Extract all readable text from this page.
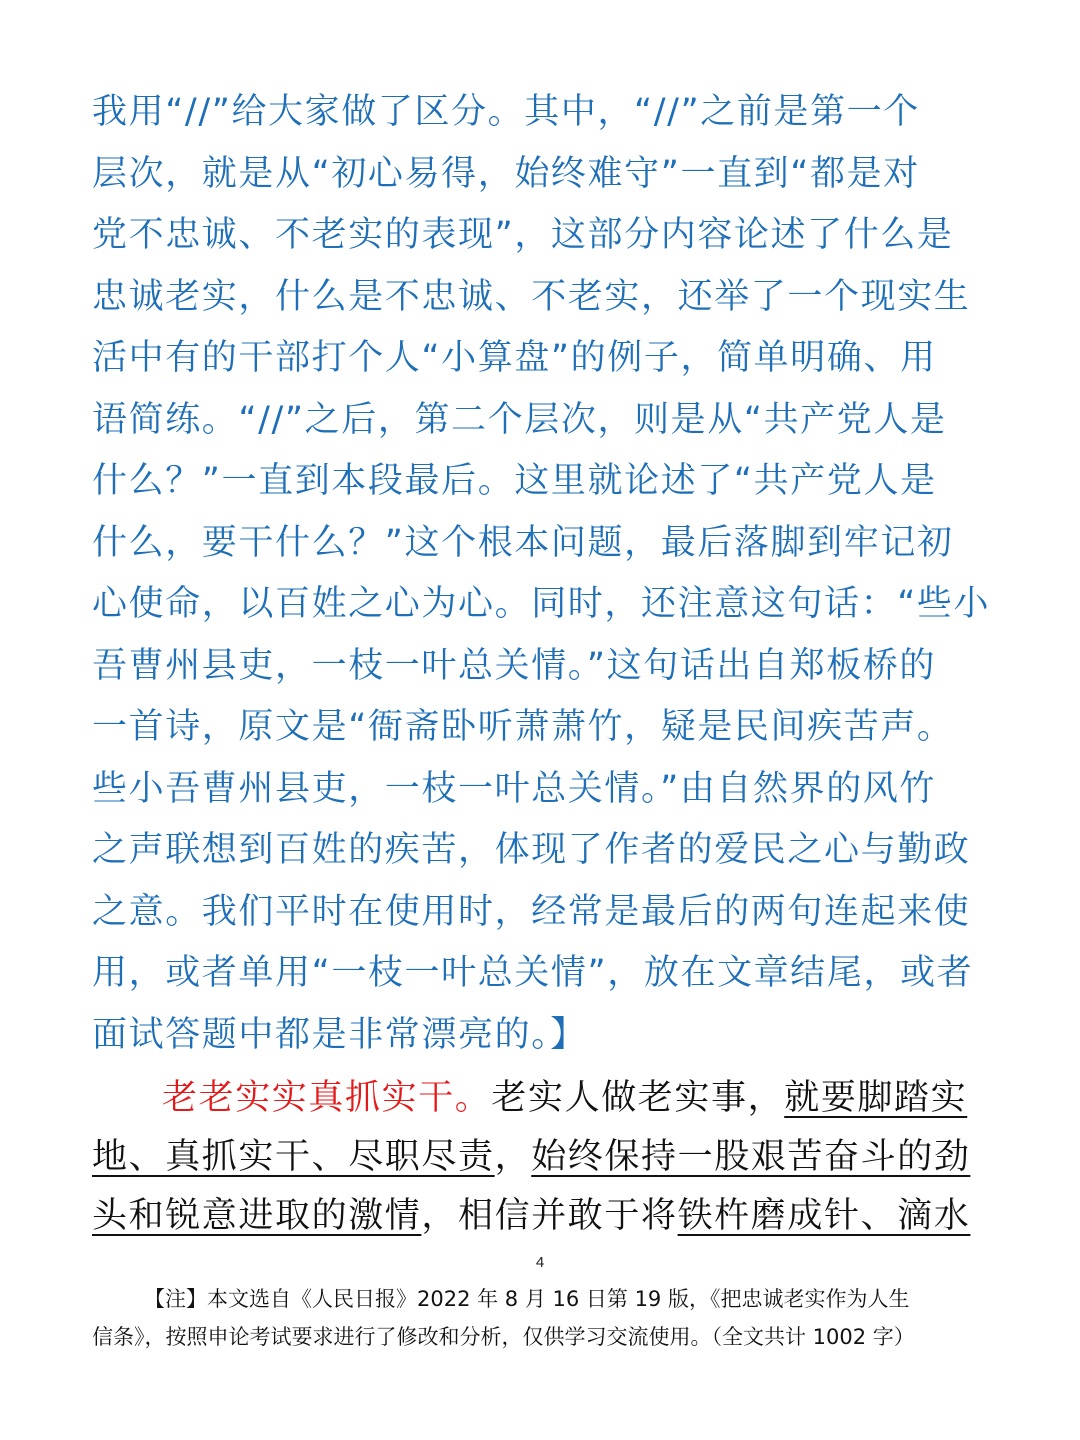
我用“//”给大家做了区分。其中，“//”之前是第一个
层次，就是从“初心易得，始终难守”一直到“都是对
党不忠诚、不老实的表现”，这部分内容论述了什么是
忠诚老实，什么是不忠诚、不老实，还举了一个现实生
活中有的干部打个人“小算盘”的例子，简单明确、用
语简练。“//”之后，第二个层次，则是从“共产党人是
什么？”一直到本段最后。这里就论述了“共产党人是
什么，要干什么？”这个根本问题，最后落脚到牢记初
心使命，以百姓之心为心。同时，还注意这句话：“些小
吾曹州县吏，一枝一叶总关情。”这句话出自郑板桥的
一首诗，原文是“衙斋卧听萧萧竹，疑是民间疾苦声。
些小吾曹州县吏，一枝一叶总关情。”由自然界的风竹
之声联想到百姓的疾苦，体现了作者的爱民之心与勤政
之意。我们平时在使用时，经常是最后的两句连起来使
用，或者单用“一枝一叶总关情”，放在文章结尾，或者
面试答题中都是非常漂亮的。】
老老实实真抓实干。老实人做老实事，就要脚踏实
地、真抓实干、尽职尽责，始终保持一股艰苦奋斗的劲
头和锐意进取的激情，相信并敢于将铁杵磨成针、滴水
4
【注】本文选自《人民日报》2022 年 8 月 16 日第 19 版，《把忠诚老实作为人生
信条》，按照申论考试要求进行了修改和分析，仅供学习交流使用。（全文共计 1002 字）
